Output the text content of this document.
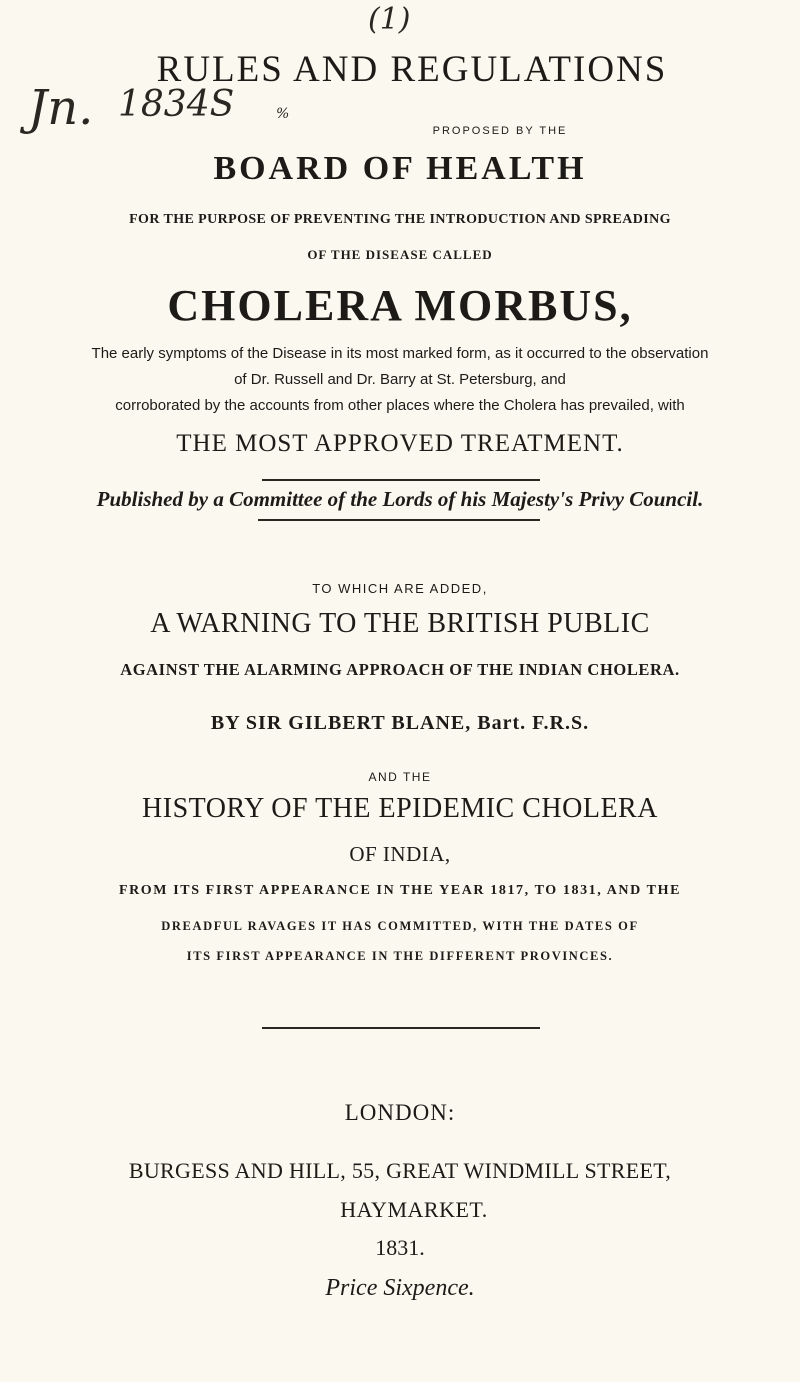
(1)
Jn. 1834S	%
RULES AND REGULATIONS
PROPOSED BY THE
BOARD OF HEALTH
FOR THE PURPOSE OF PREVENTING THE INTRODUCTION AND SPREADING
OF THE DISEASE CALLED
CHOLERA MORBUS,
The early symptoms of the Disease in its most marked form, as it occurred to the observation
of Dr. Russell and Dr. Barry at St. Petersburg, and
corroborated by the accounts from other places where the Cholera has prevailed, with
THE MOST APPROVED TREATMENT.
Published by a Committee of the Lords of his Majesty's Privy Council.
TO WHICH ARE ADDED,
A WARNING TO THE BRITISH PUBLIC
AGAINST THE ALARMING APPROACH OF THE INDIAN CHOLERA.
BY SIR GILBERT BLANE, Bart. F.R.S.
AND THE
HISTORY OF THE EPIDEMIC CHOLERA
OF INDIA,
FROM ITS FIRST APPEARANCE IN THE YEAR 1817, TO 1831, AND THE
DREADFUL RAVAGES IT HAS COMMITTED, WITH THE DATES OF
ITS FIRST APPEARANCE IN THE DIFFERENT PROVINCES.
LONDON:
BURGESS AND HILL, 55, GREAT WINDMILL STREET,
HAYMARKET.
1831.
Price Sixpence.
